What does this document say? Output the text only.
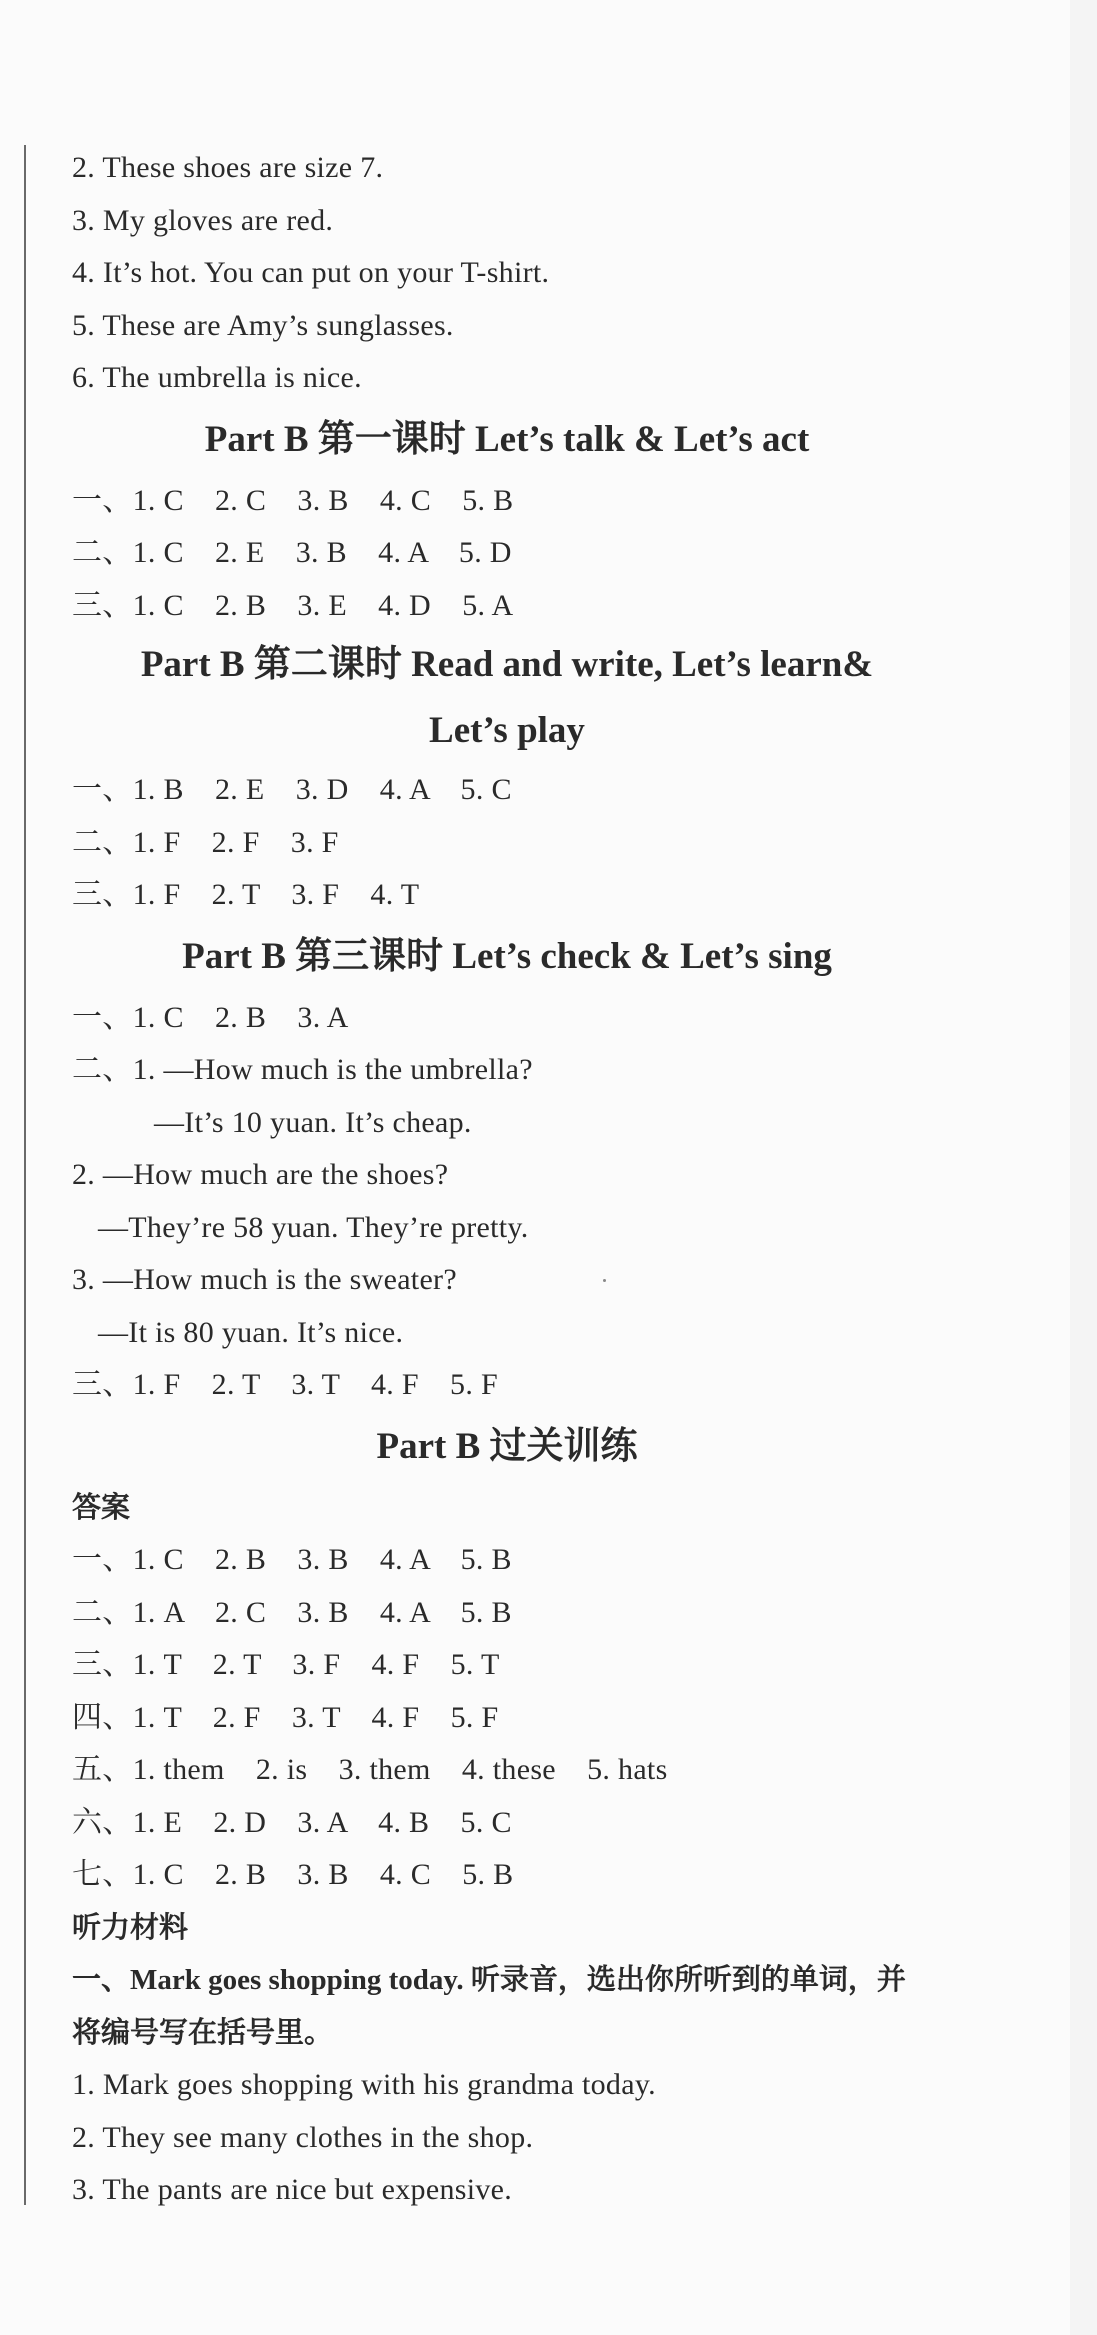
2. These shoes are size 7.
3. My gloves are red.
4. It’s hot. You can put on your T-shirt.
5. These are Amy’s sunglasses.
6. The umbrella is nice.
Part B 第一课时 Let’s talk & Let’s act
一、1. C    2. C    3. B    4. C    5. B
二、1. C    2. E    3. B    4. A    5. D
三、1. C    2. B    3. E    4. D    5. A
Part B 第二课时 Read and write, Let’s learn&
Let’s play
一、1. B    2. E    3. D    4. A    5. C
二、1. F    2. F    3. F
三、1. F    2. T    3. F    4. T
Part B 第三课时 Let’s check & Let’s sing
一、1. C    2. B    3. A
二、1. —How much is the umbrella?
—It’s 10 yuan. It’s cheap.
2. —How much are the shoes?
—They’re 58 yuan. They’re pretty.
3. —How much is the sweater?
—It is 80 yuan. It’s nice.
三、1. F    2. T    3. T    4. F    5. F
Part B 过关训练
答案
一、1. C    2. B    3. B    4. A    5. B
二、1. A    2. C    3. B    4. A    5. B
三、1. T    2. T    3. F    4. F    5. T
四、1. T    2. F    3. T    4. F    5. F
五、1. them    2. is    3. them    4. these    5. hats
六、1. E    2. D    3. A    4. B    5. C
七、1. C    2. B    3. B    4. C    5. B
听力材料
一、Mark goes shopping today. 听录音，选出你所听到的单词，并
将编号写在括号里。
1. Mark goes shopping with his grandma today.
2. They see many clothes in the shop.
3. The pants are nice but expensive.
